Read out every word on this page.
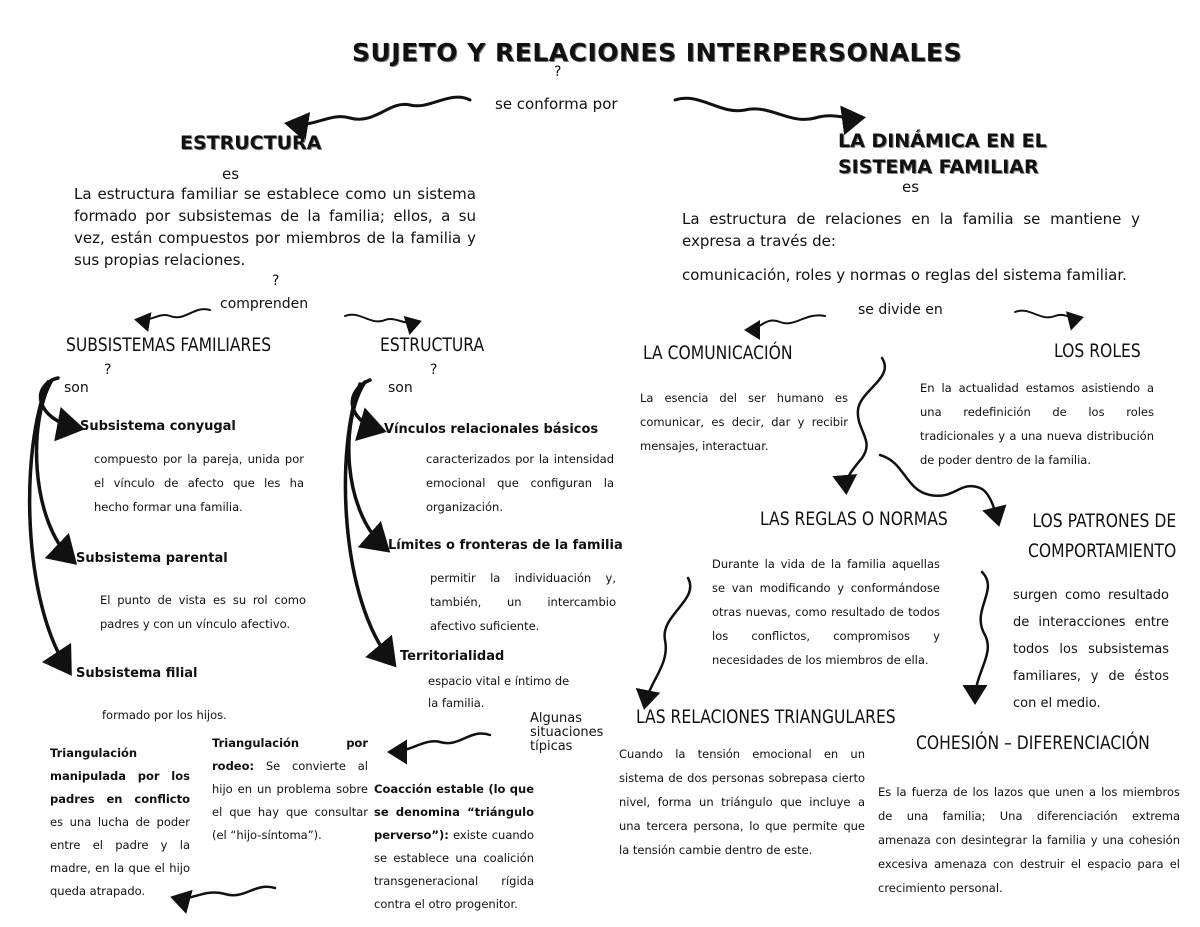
SUJETO Y RELACIONES INTERPERSONALES
?
se conforma por
ESTRUCTURA
es
La estructura familiar se establece como un sistema formado por subsistemas de la familia; ellos, a su vez, están compuestos por miembros de la familia y sus propias relaciones.
?
comprenden
LA DINÁMICA EN EL
SISTEMA FAMILIAR
es
La estructura de relaciones en la familia se mantiene y expresa a través de:
comunicación, roles y normas o reglas del sistema familiar.
se divide en
SUBSISTEMAS FAMILIARES
?
son
Subsistema conyugal
compuesto por la pareja, unida por el vínculo de afecto que les ha hecho formar una familia.
Subsistema parental
El punto de vista es su rol como padres y con un vínculo afectivo.
Subsistema filial
formado por los hijos.
ESTRUCTURA
?
son
Vínculos relacionales básicos
caracterizados por la intensidad emocional que configuran la organización.
Límites o fronteras de la familia
permitir la individuación y, también, un intercambio afectivo suficiente.
Territorialidad
espacio vital e íntimo de la familia.
Algunas situaciones típicas
Triangulación manipulada por los padres en conflicto es una lucha de poder entre el padre y la madre, en la que el hijo queda atrapado.
Triangulación por rodeo: Se convierte al hijo en un problema sobre el que hay que consultar (el “hijo-síntoma”).
Coacción estable (lo que se denomina “triángulo perverso”): existe cuando se establece una coalición transgeneracional rígida contra el otro progenitor.
LA COMUNICACIÓN
La esencia del ser humano es comunicar, es decir, dar y recibir mensajes, interactuar.
LOS ROLES
En la actualidad estamos asistiendo a una redefinición de los roles tradicionales y a una nueva distribución de poder dentro de la familia.
LAS REGLAS O NORMAS
Durante la vida de la familia aquellas se van modificando y conformándose otras nuevas, como resultado de todos los conflictos, compromisos y necesidades de los miembros de ella.
LOS PATRONES DE
COMPORTAMIENTO
surgen como resultado de interacciones entre todos los subsistemas familiares, y de éstos con el medio.
LAS RELACIONES TRIANGULARES
Cuando la tensión emocional en un sistema de dos personas sobrepasa cierto nivel, forma un triángulo que incluye a una tercera persona, lo que permite que la tensión cambie dentro de este.
COHESIÓN – DIFERENCIACIÓN
Es la fuerza de los lazos que unen a los miembros de una familia; Una diferenciación extrema amenaza con desintegrar la familia y una cohesión excesiva amenaza con destruir el espacio para el crecimiento personal.
